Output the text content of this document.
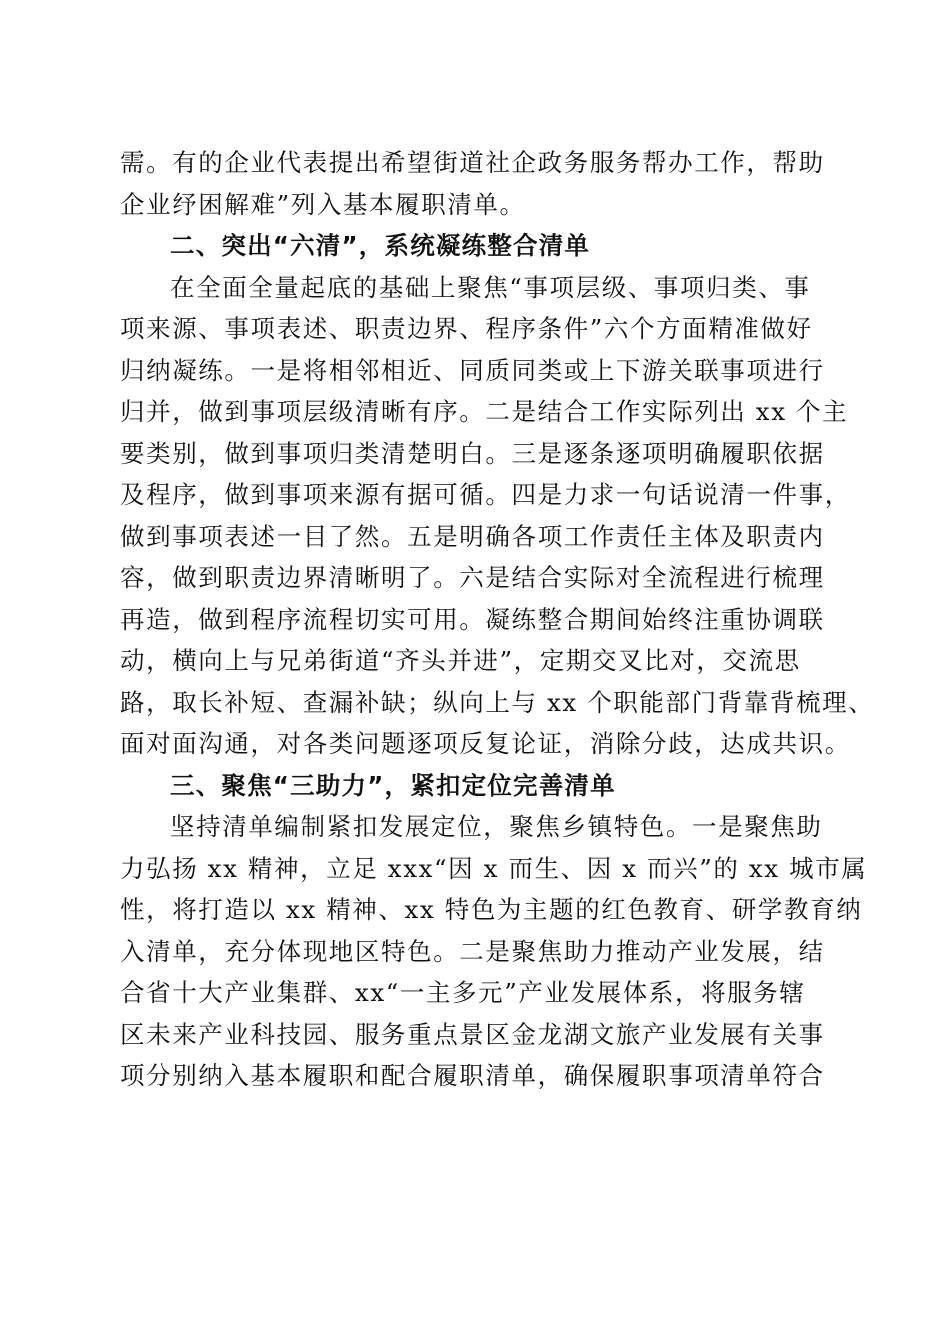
需。有的企业代表提出希望街道社企政务服务帮办工作，帮助
企业纾困解难”列入基本履职清单。
二、突出“六清”，系统凝练整合清单
在全面全量起底的基础上聚焦“事项层级、事项归类、事
项来源、事项表述、职责边界、程序条件”六个方面精准做好
归纳凝练。一是将相邻相近、同质同类或上下游关联事项进行
归并，做到事项层级清晰有序。二是结合工作实际列出 xx 个主
要类别，做到事项归类清楚明白。三是逐条逐项明确履职依据
及程序，做到事项来源有据可循。四是力求一句话说清一件事，
做到事项表述一目了然。五是明确各项工作责任主体及职责内
容，做到职责边界清晰明了。六是结合实际对全流程进行梳理
再造，做到程序流程切实可用。凝练整合期间始终注重协调联
动，横向上与兄弟街道“齐头并进”，定期交叉比对，交流思
路，取长补短、查漏补缺；纵向上与 xx 个职能部门背靠背梳理、
面对面沟通，对各类问题逐项反复论证，消除分歧，达成共识。
三、聚焦“三助力”，紧扣定位完善清单
坚持清单编制紧扣发展定位，聚焦乡镇特色。一是聚焦助
力弘扬 xx 精神，立足 xxx“因 x 而生、因 x 而兴”的 xx 城市属
性，将打造以 xx 精神、xx 特色为主题的红色教育、研学教育纳
入清单，充分体现地区特色。二是聚焦助力推动产业发展，结
合省十大产业集群、xx“一主多元”产业发展体系，将服务辖
区未来产业科技园、服务重点景区金龙湖文旅产业发展有关事
项分别纳入基本履职和配合履职清单，确保履职事项清单符合
